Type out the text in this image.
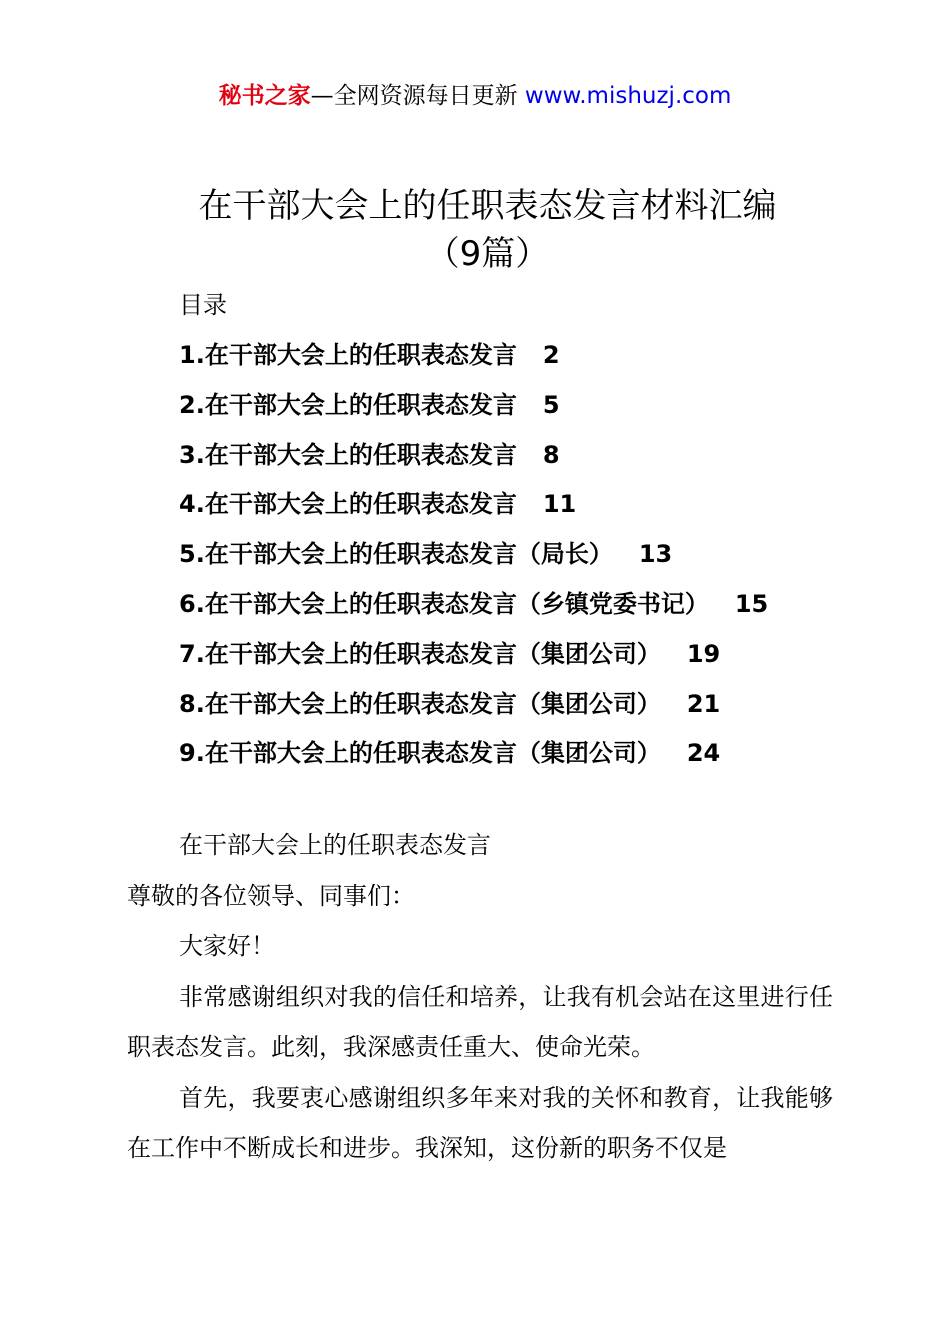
秘书之家—全网资源每日更新 www.mishuzj.com
在干部大会上的任职表态发言材料汇编
（9篇）
目录
1.在干部大会上的任职表态发言 2
2.在干部大会上的任职表态发言 5
3.在干部大会上的任职表态发言 8
4.在干部大会上的任职表态发言 11
5.在干部大会上的任职表态发言（局长） 13
6.在干部大会上的任职表态发言（乡镇党委书记） 15
7.在干部大会上的任职表态发言（集团公司） 19
8.在干部大会上的任职表态发言（集团公司） 21
9.在干部大会上的任职表态发言（集团公司） 24

在干部大会上的任职表态发言

尊敬的各位领导、同事们：

大家好！

非常感谢组织对我的信任和培养，让我有机会站在这里进行任职表态发言。此刻，我深感责任重大、使命光荣。

首先，我要衷心感谢组织多年来对我的关怀和教育，让我能够在工作中不断成长和进步。我深知，这份新的职务不仅是
